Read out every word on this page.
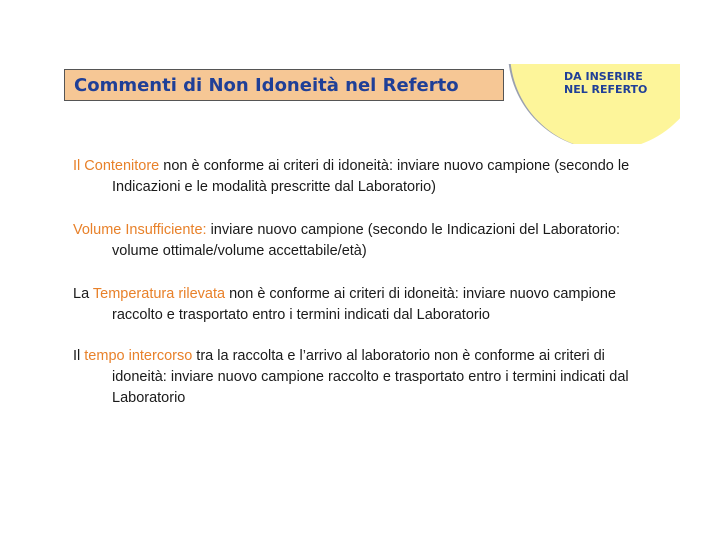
Commenti di Non Idoneità nel Referto	DA INSERIRE
NEL REFERTO
Il Contenitore non è conforme ai criteri di idoneità: inviare nuovo campione (secondo le
Indicazioni e le modalità prescritte dal Laboratorio)
Volume Insufficiente: inviare nuovo campione (secondo le Indicazioni del Laboratorio:
volume ottimale/volume accettabile/età)
La Temperatura rilevata non è conforme ai criteri di idoneità: inviare nuovo campione
raccolto e trasportato entro i termini indicati dal Laboratorio
Il tempo intercorso tra la raccolta e l’arrivo al laboratorio non è conforme ai criteri di
idoneità: inviare nuovo campione raccolto e trasportato entro i termini indicati dal
Laboratorio
